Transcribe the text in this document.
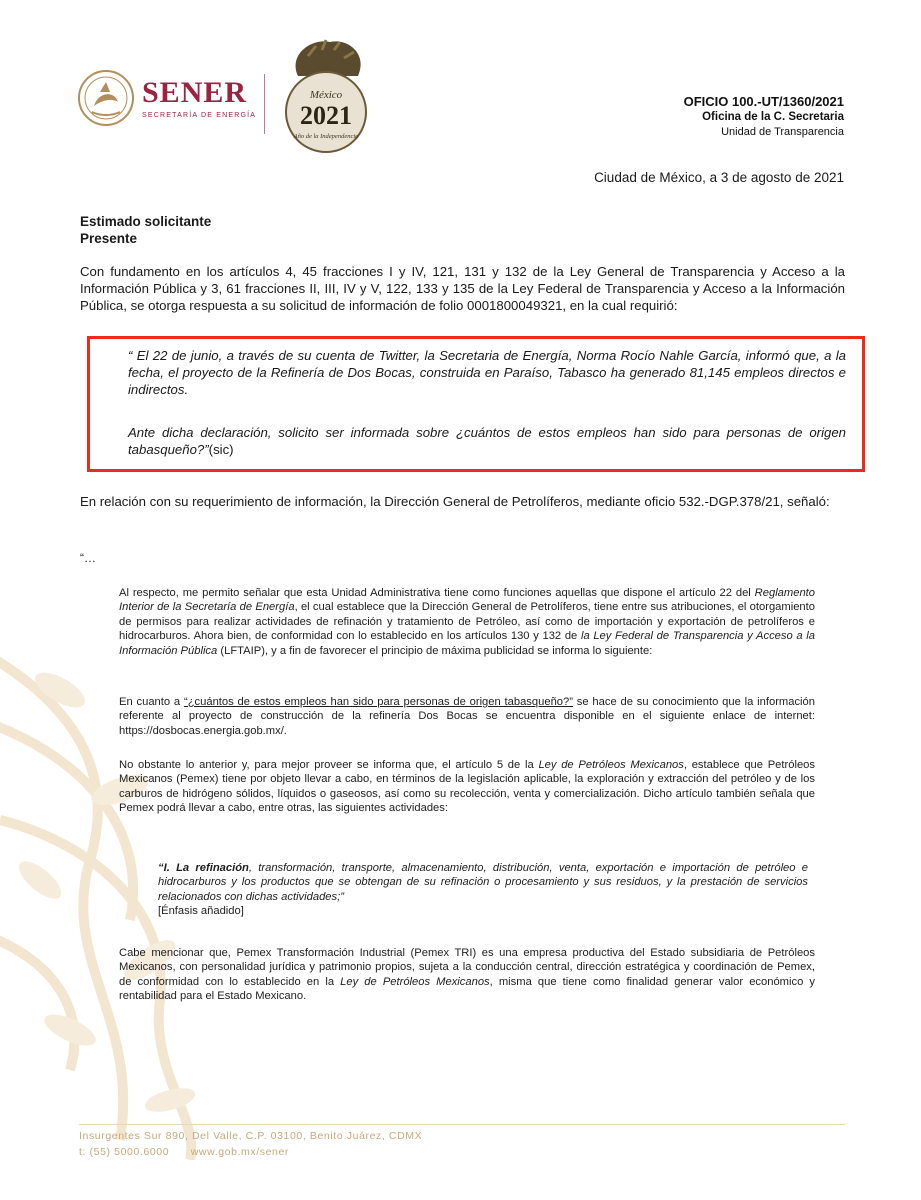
SENER
SECRETARÍA DE ENERGÍA
México
2021
Año de la Independencia
OFICIO 100.-UT/1360/2021
Oficina de la C. Secretaria
Unidad de Transparencia
Ciudad de México, a 3 de agosto de 2021
Estimado solicitante
Presente

Con fundamento en los artículos 4, 45 fracciones I y IV, 121, 131 y 132 de la Ley General de Transparencia y Acceso a la Información Pública y 3, 61 fracciones II, III, IV y V, 122, 133 y 135 de la Ley Federal de Transparencia y Acceso a la Información Pública, se otorga respuesta a su solicitud de información de folio 0001800049321, en la cual requirió:

“ El 22 de junio, a través de su cuenta de Twitter, la Secretaria de Energía, Norma Rocío Nahle García, informó que, a la fecha, el proyecto de la Refinería de Dos Bocas, construida en Paraíso, Tabasco ha generado 81,145 empleos directos e indirectos.

Ante dicha declaración, solicito ser informada sobre ¿cuántos de estos empleos han sido para personas de origen tabasqueño?”(sic)

En relación con su requerimiento de información, la Dirección General de Petrolíferos, mediante oficio 532.-DGP.378/21, señaló:

“…

Al respecto, me permito señalar que esta Unidad Administrativa tiene como funciones aquellas que dispone el artículo 22 del Reglamento Interior de la Secretaría de Energía, el cual establece que la Dirección General de Petrolíferos, tiene entre sus atribuciones, el otorgamiento de permisos para realizar actividades de refinación y tratamiento de Petróleo, así como de importación y exportación de petrolíferos e hidrocarburos. Ahora bien, de conformidad con lo establecido en los artículos 130 y 132 de la Ley Federal de Transparencia y Acceso a la Información Pública (LFTAIP), y a fin de favorecer el principio de máxima publicidad se informa lo siguiente:

En cuanto a “¿cuántos de estos empleos han sido para personas de origen tabasqueño?” se hace de su conocimiento que la información referente al proyecto de construcción de la refinería Dos Bocas se encuentra disponible en el siguiente enlace de internet: https://dosbocas.energia.gob.mx/.

No obstante lo anterior y, para mejor proveer se informa que, el artículo 5 de la Ley de Petróleos Mexicanos, establece que Petróleos Mexicanos (Pemex) tiene por objeto llevar a cabo, en términos de la legislación aplicable, la exploración y extracción del petróleo y de los carburos de hidrógeno sólidos, líquidos o gaseosos, así como su recolección, venta y comercialización. Dicho artículo también señala que Pemex podrá llevar a cabo, entre otras, las siguientes actividades:

“I. La refinación, transformación, transporte, almacenamiento, distribución, venta, exportación e importación de petróleo e hidrocarburos y los productos que se obtengan de su refinación o procesamiento y sus residuos, y la prestación de servicios relacionados con dichas actividades;”
[Énfasis añadido]

Cabe mencionar que, Pemex Transformación Industrial (Pemex TRI) es una empresa productiva del Estado subsidiaria de Petróleos Mexicanos, con personalidad jurídica y patrimonio propios, sujeta a la conducción central, dirección estratégica y coordinación de Pemex, de conformidad con lo establecido en la Ley de Petróleos Mexicanos, misma que tiene como finalidad generar valor económico y rentabilidad para el Estado Mexicano.

Insurgentes Sur 890, Del Valle, C.P. 03100, Benito Juárez, CDMX
t: (55) 5000.6000 www.gob.mx/sener
